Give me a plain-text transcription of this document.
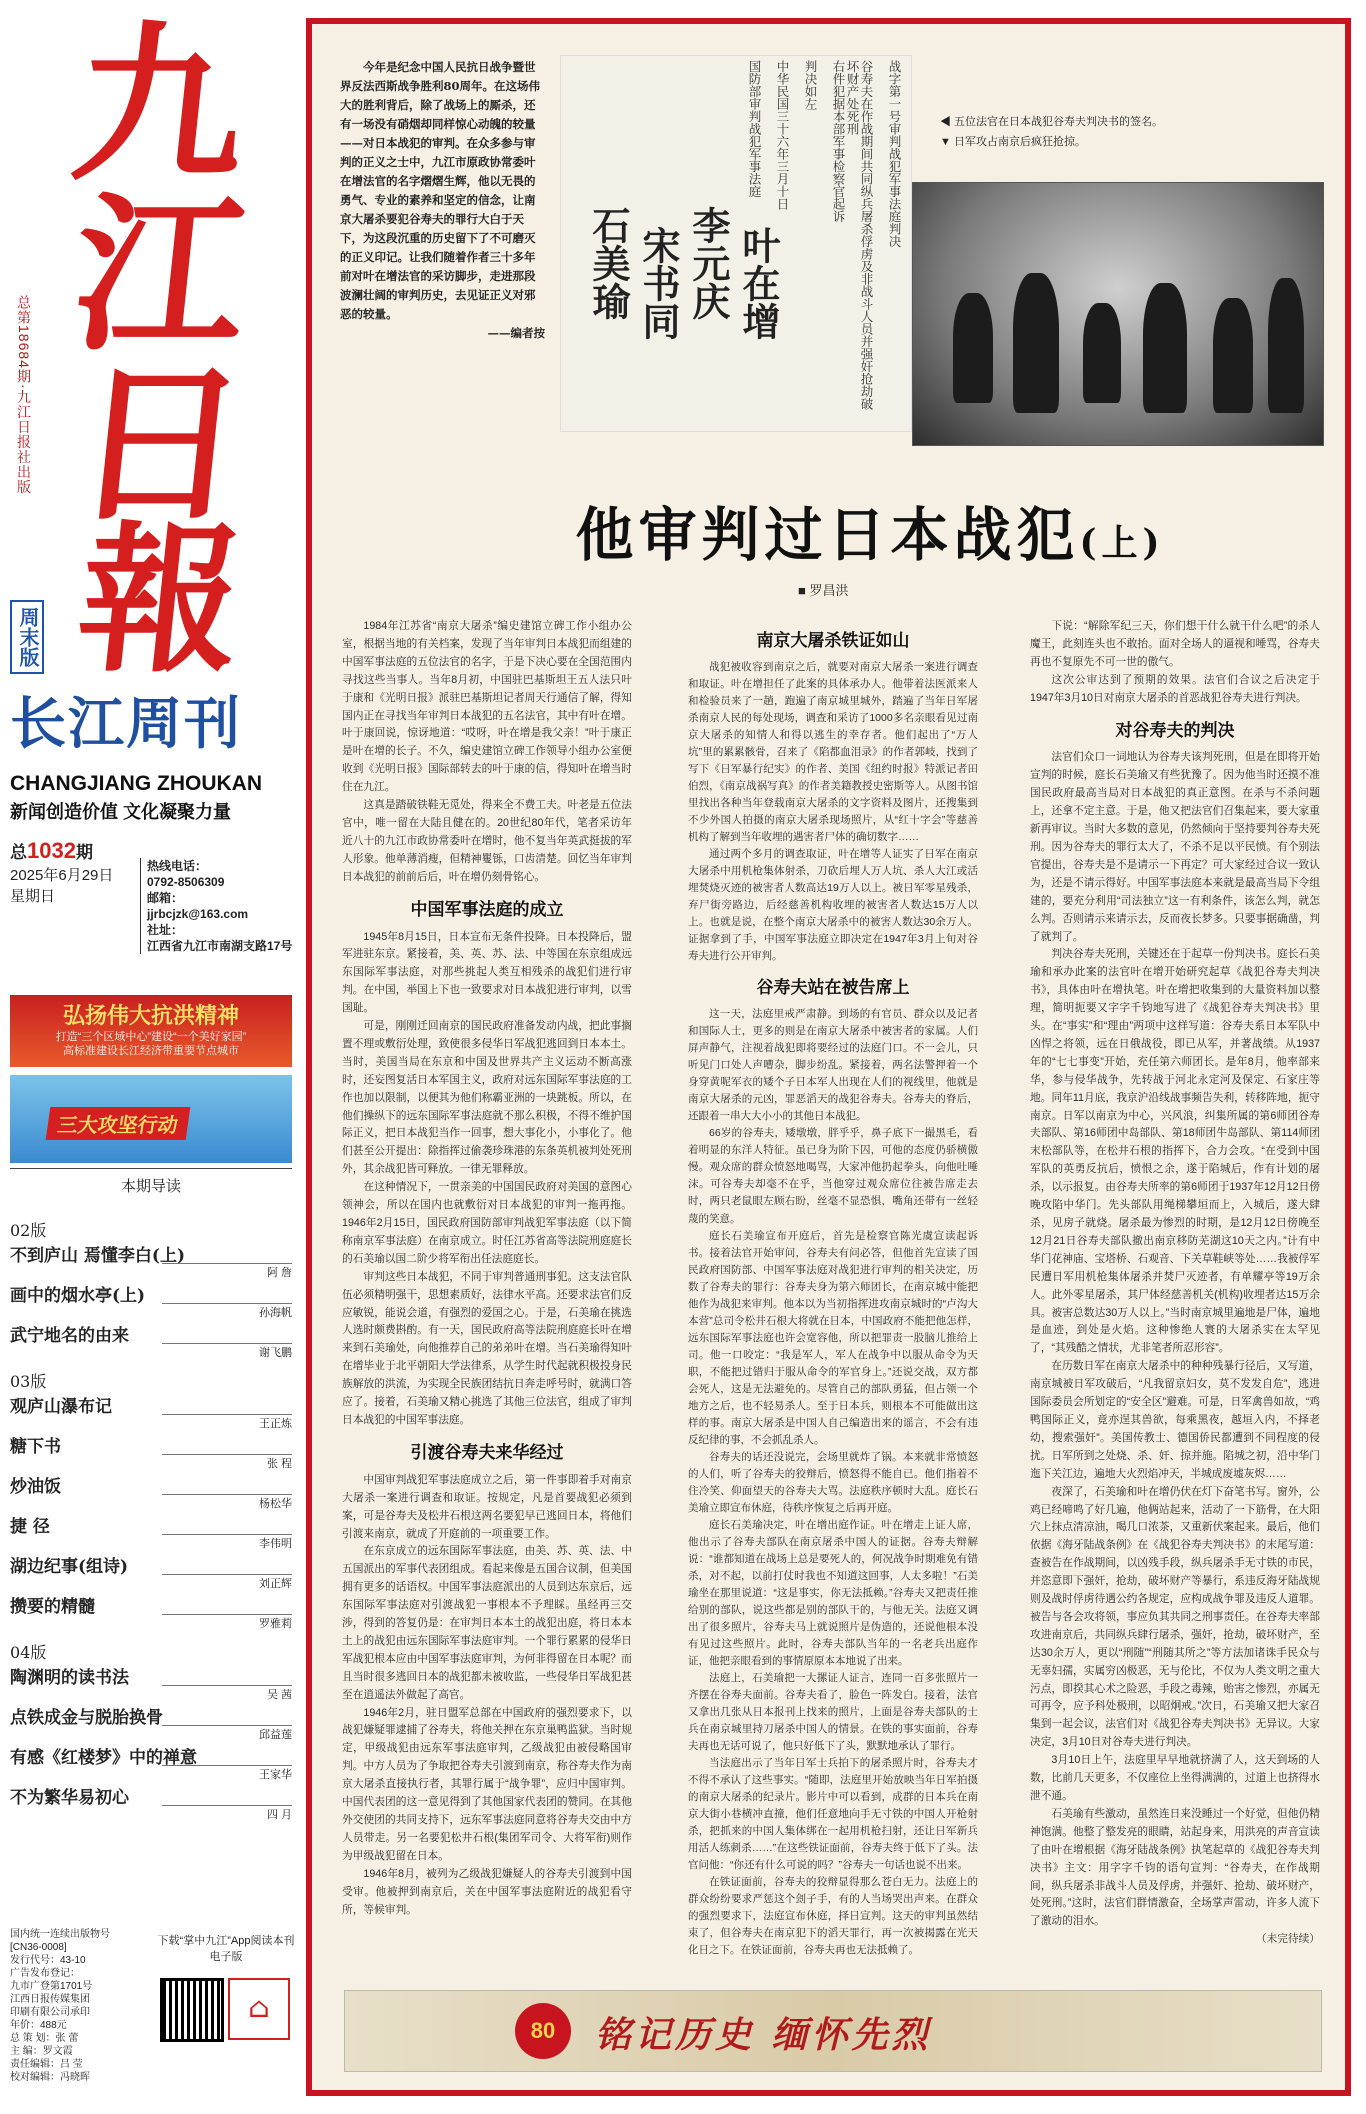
九
江
日
報
总第18684期·九江日报社出版
周末版
长江周刊
CHANGJIANG ZHOUKAN
新闻创造价值 文化凝聚力量
总1032期
2025年6月29日
星期日
热线电话：
0792-8506309
邮箱：
jjrbcjzk@163.com
社址：
江西省九江市南湖支路17号
弘扬伟大抗洪精神
打造“三个区域中心”建设“一个美好家园”
高标准建设长江经济带重要节点城市
三大攻坚行动
本期导读
02版
不到庐山 焉懂李白(上)
阿 詹
画中的烟水亭(上)
孙海帆
武宁地名的由来
谢飞鹏
03版
观庐山瀑布记
王正炼
糖下书
张 程
炒油饭
杨松华
捷 径
李伟明
湖边纪事(组诗)
刘正辉
攒要的精髓
罗雅莉
04版
陶渊明的读书法
吴 茜
点铁成金与脱胎换骨
邱益莲
有感《红楼梦》中的禅意
王家华
不为繁华易初心
四 月
国内统一连续出版物号
[CN36-0008]
发行代号：43-10
广告发布登记：
九市广登第1701号
江西日报传媒集团
印刷有限公司承印
年价：488元
总 策 划：张 蕾
主 编：罗文霞
责任编辑：吕 莹
校对编辑：冯晓晖
下载“掌中九江”App阅读本刊电子版
⌂
今年是纪念中国人民抗日战争暨世界反法西斯战争胜利80周年。在这场伟大的胜利背后，除了战场上的厮杀，还有一场没有硝烟却同样惊心动魄的较量——对日本战犯的审判。在众多参与审判的正义之士中，九江市原政协常委叶在增法官的名字熠熠生辉，他以无畏的勇气、专业的素养和坚定的信念，让南京大屠杀要犯谷寿夫的罪行大白于天下，为这段沉重的历史留下了不可磨灭的正义印记。让我们随着作者三十多年前对叶在增法官的采访脚步，走进那段波澜壮阔的审判历史，去见证正义对邪恶的较量。
——编者按
战字第一号审判战犯军事法庭判决
谷寿夫在作战期间共同纵兵屠杀俘虏及非战斗人员并强奸抢劫破坏财产处死刑
右件犯据本部军事检察官起诉
判决如左
中华民国三十六年三月十日
国防部审判战犯军事法庭
石美瑜 宋书同 李元庆 叶在增
◀ 五位法官在日本战犯谷寿夫判决书的签名。
▼ 日军攻占南京后疯狂抢掠。
他审判过日本战犯(上)
■ 罗昌洪

1984年江苏省“南京大屠杀”编史建馆立碑工作小组办公室，根据当地的有关档案，发现了当年审判日本战犯而组建的中国军事法庭的五位法官的名字，于是下决心要在全国范围内寻找这些当事人。当年8月初，中国驻巴基斯坦王五人法只叶于康和《光明日报》派驻巴基斯坦记者周天行通信了解，得知国内正在寻找当年审判日本战犯的五名法官，其中有叶在增。叶于康回说，惊讶地道：“哎呀，叶在增是我父亲！”叶于康正是叶在增的长子。不久，编史建馆立碑工作领导小组办公室便收到《光明日报》国际部转去的叶于康的信，得知叶在增当时住在九江。

这真是踏破铁鞋无觅处，得来全不费工夫。叶老是五位法官中，唯一留在大陆且健在的。20世纪80年代，笔者采访年近八十的九江市政协常委叶在增时，他不复当年英武挺拔的军人形象。他单薄消瘦，但精神矍铄，口齿清楚。回忆当年审判日本战犯的前前后后，叶在增仍刻骨铭心。

中国军事法庭的成立

1945年8月15日，日本宣布无条件投降。日本投降后，盟军进驻东京。紧接着，美、英、苏、法、中等国在东京组成远东国际军事法庭，对那些挑起人类互相残杀的战犯们进行审判。在中国，举国上下也一致要求对日本战犯进行审判，以雪国耻。

可是，刚刚迁回南京的国民政府准备发动内战，把此事搁置不理或敷衍处理，致使很多侵华日军战犯逃回到日本本土。当时，美国当局在东京和中国及世界共产主义运动不断高涨时，还妄图复活日本军国主义，政府对远东国际军事法庭的工作也加以限制，以便其为他们称霸亚洲的一块跳板。所以，在他们操纵下的远东国际军事法庭就不那么积极，不得不维护国际正义，把日本战犯当作一回事，想大事化小，小事化了。他们甚至公开提出：除指挥过偷袭珍珠港的东条英机被判处死刑外，其余战犯皆可释放。一律无罪释放。

在这种情况下，一贯亲美的中国国民政府对美国的意图心领神会，所以在国内也就敷衍对日本战犯的审判一拖再拖。1946年2月15日，国民政府国防部审判战犯军事法庭（以下简称南京军事法庭）在南京成立。时任江苏省高等法院刑庭庭长的石美瑜以国二阶少将军衔出任法庭庭长。

审判这些日本战犯，不同于审判普通刑事犯。这支法官队伍必须精明强干，思想素质好，法律水平高。还要求法官们反应敏锐，能说会道，有强烈的爱国之心。于是，石美瑜在挑选人选时颇费斟酌。有一天，国民政府高等法院刑庭庭长叶在增来到石美瑜处，向他推荐自己的弟弟叶在增。当石美瑜得知叶在增毕业于北平朝阳大学法律系，从学生时代起就积极投身民族解放的洪流，为实现全民族团结抗日奔走呼号时，就满口答应了。接着，石美瑜又精心挑选了其他三位法官，组成了审判日本战犯的中国军事法庭。

引渡谷寿夫来华经过

中国审判战犯军事法庭成立之后，第一件事即着手对南京大屠杀一案进行调查和取证。按规定，凡是首要战犯必须到案，可是谷寿夫及松井石根这两名要犯早已逃回日本，将他们引渡来南京，就成了开庭前的一项重要工作。

在东京成立的远东国际军事法庭，由美、苏、英、法、中五国派出的军事代表团组成。看起来像是五国合议制，但美国拥有更多的话语权。中国军事法庭派出的人员到达东京后，远东国际军事法庭对引渡战犯一事根本不予理睬。虽经再三交涉，得到的答复仍是：在审判日本本土的战犯出庭，将日本本土上的战犯由远东国际军事法庭审判。一个罪行累累的侵华日军战犯根本应由中国军事法庭审判，为何非得留在日本呢？而且当时很多逃回日本的战犯都未被收监，一些侵华日军战犯甚至在逍遥法外做起了高官。

1946年2月，驻日盟军总部在中国政府的强烈要求下，以战犯嫌疑罪逮捕了谷寿夫，将他关押在东京巢鸭监狱。当时规定，甲级战犯由远东军事法庭审判，乙级战犯由被侵略国审判。中方人员为了争取把谷寿夫引渡到南京，称谷寿夫作为南京大屠杀直接执行者，其罪行属于“战争罪”，应归中国审判。中国代表团的这一意见得到了其他国家代表团的赞同。在其他外交使团的共同支持下，远东军事法庭同意将谷寿夫交由中方人员带走。另一名要犯松井石根(集团军司令、大将军衔)则作为甲级战犯留在日本。

1946年8月，被列为乙级战犯嫌疑人的谷寿夫引渡到中国受审。他被押到南京后，关在中国军事法庭附近的战犯看守所，等候审判。

南京大屠杀铁证如山

战犯被收容到南京之后，就要对南京大屠杀一案进行调查和取证。叶在增担任了此案的具体承办人。他带着法医派来人和检验员来了一趟，跑遍了南京城里城外，踏遍了当年日军屠杀南京人民的每处现场，调查和采访了1000多名亲眼看见过南京大屠杀的知情人和得以逃生的幸存者。他们起出了“万人坑”里的累累骸骨，召来了《陷都血泪录》的作者郭岐，找到了写下《日军暴行纪实》的作者、美国《纽约时报》特派记者田伯烈，《南京战祸写真》的作者美籍教授史密斯等人。从图书馆里找出各种当年登载南京大屠杀的文字资料及图片，还搜集到不少外国人拍摄的南京大屠杀现场照片，从“红十字会”等慈善机构了解到当年收埋的遇害者尸体的确切数字……

通过两个多月的调查取证，叶在增等人证实了日军在南京大屠杀中用机枪集体射杀，刀砍后埋人万人坑、杀人大江或活埋焚烧灭迹的被害者人数高达19万人以上。被日军零星残杀，弃尸街旁路边，后经慈善机构收埋的被害者人数达15万人以上。也就是说，在整个南京大屠杀中的被害人数达30余万人。证据拿到了手，中国军事法庭立即决定在1947年3月上旬对谷寿夫进行公开审判。

谷寿夫站在被告席上

这一天，法庭里戒严肃静。到场的有官员、群众以及记者和国际人士，更多的则是在南京大屠杀中被害者的家属。人们屏声静气，注视着战犯即将要经过的法庭门口。不一会儿，只听见门口处人声嘈杂，脚步纷乱。紧接着，两名法警押着一个身穿黄呢军衣的矮个子日本军人出现在人们的视线里，他就是南京大屠杀的元凶，罪恶滔天的战犯谷寿夫。谷寿夫的脊后，还跟着一串大大小小的其他日本战犯。

66岁的谷寿夫，矮墩墩，胖乎乎，鼻子底下一撮黑毛，看着明显的东洋人特征。虽已身为阶下囚，可他的态度仍骄横傲慢。观众席的群众愤怒地喝骂，大家冲他扔起拳头，向他吐唾沫。可谷寿夫却毫不在乎，当他穿过观众席位往被告席走去时，两只老鼠眼左顾右盼，丝毫不显恐惧，嘴角还带有一丝轻蔑的笑意。

庭长石美瑜宣布开庭后，首先是检察官陈光虞宣读起诉书。接着法官开始审问，谷寿夫有问必答，但他首先宣读了国民政府国防部、中国军事法庭对战犯进行审判的相关决定，历数了谷寿夫的罪行：谷寿夫身为第六师团长，在南京城中能把他作为战犯来审判。他本以为当初指挥进攻南京城时的“卢沟大本营”总司令松井石根大将就在日本，中国政府不能把他怎样，远东国际军事法庭也许会宽容他，所以把罪责一股脑儿推给上司。他一口咬定：“我是军人，军人在战争中以服从命令为天职，不能把过错归于服从命令的军官身上。”还说交战，双方都会死人，这是无法避免的。尽管自己的部队勇猛，但占领一个地方之后，也不轻易杀人。至于日本兵，则根本不可能做出这样的事。南京大屠杀是中国人自己编造出来的谣言，不会有违反纪律的事，不会抓乱杀人。

谷寿夫的话还没说完，会场里就炸了锅。本来就非常愤怒的人们，听了谷寿夫的狡辩后，愤怒得不能自已。他们指着不住冷笑、仰面望天的谷寿夫大骂。法庭秩序顿时大乱。庭长石美瑜立即宣布休庭，待秩序恢复之后再开庭。

庭长石美瑜决定，叶在增出庭作证。叶在增走上证人席，他出示了谷寿夫部队在南京屠杀中国人的证据。谷寿夫辩解说：“谁都知道在战场上总是要死人的，何况战争时期难免有错杀，对不起，以前打仗时我也不知道这回事，人太多啦！”石美瑜坐在那里说道：“这是事实，你无法抵赖。”谷寿夫又把责任推给别的部队，说这些都是别的部队干的，与他无关。法庭又调出了很多照片，谷寿夫马上就说照片是伪造的，还说他根本没有见过这些照片。此时，谷寿夫部队当年的一名老兵出庭作证，他把亲眼看到的事情原原本本地说了出来。

法庭上，石美瑜把一大摞证人证言，连同一百多张照片一齐摆在谷寿夫面前。谷寿夫看了，脸色一阵发白。接着，法官又拿出几张从日本报刊上找来的照片，上面是谷寿夫部队的士兵在南京城里持刀屠杀中国人的情景。在铁的事实面前，谷寿夫再也无话可说了，他只好低下了头，默默地承认了罪行。

当法庭出示了当年日军士兵拍下的屠杀照片时，谷寿夫才不得不承认了这些事实。“随即，法庭里开始放映当年日军拍摄的南京大屠杀的纪录片。影片中可以看到，成群的日本兵在南京大街小巷横冲直撞，他们任意地向手无寸铁的中国人开枪射杀，把抓来的中国人集体绑在一起用机枪扫射，还让日军新兵用活人练刺杀……”在这些铁证面前，谷寿夫终于低下了头。法官问他：“你还有什么可说的吗？”谷寿夫一句话也说不出来。

在铁证面前，谷寿夫的狡辩显得那么苍白无力。法庭上的群众纷纷要求严惩这个刽子手，有的人当场哭出声来。在群众的强烈要求下，法庭宣布休庭，择日宣判。这天的审判虽然结束了，但谷寿夫在南京犯下的滔天罪行，再一次被揭露在光天化日之下。在铁证面前，谷寿夫再也无法抵赖了。

下说：“解除军纪三天，你们想干什么就干什么吧”的杀人魔王，此刻连头也不敢抬。面对全场人的逼视和唾骂，谷寿夫再也不复原先不可一世的傲气。

这次公审达到了预期的效果。法官们合议之后决定于1947年3月10日对南京大屠杀的首恶战犯谷寿夫进行判决。

对谷寿夫的判决

法官们众口一词地认为谷寿夫该判死刑，但是在即将开始宣判的时候，庭长石美瑜又有些犹豫了。因为他当时还摸不准国民政府最高当局对日本战犯的真正意图。在杀与不杀问题上，还拿不定主意。于是，他又把法官们召集起来，要大家重新再审议。当时大多数的意见，仍然倾向于坚持要判谷寿夫死刑。因为谷寿夫的罪行太大了，不杀不足以平民愤。有个别法官提出，谷寿夫是不是请示一下再定？可大家经过合议一致认为，还是不请示得好。中国军事法庭本来就是最高当局下令组建的，要充分利用“司法独立”这一有利条件，该怎么判，就怎么判。否则请示来请示去，反而夜长梦多。只要事据确凿，判了就判了。

判决谷寿夫死刑，关键还在于起草一份判决书。庭长石美瑜和承办此案的法官叶在增开始研究起草《战犯谷寿夫判决书》，具体由叶在增执笔。叶在增把收集到的大量资料加以整理，简明扼要又字字千钧地写进了《战犯谷寿夫判决书》里头。在“事实”和“理由”两项中这样写道：谷寿夫系日本军队中凶悍之将领，远在日俄战役，即已从军，并著战绩。从1937年的“七七事变”开始，充任第六师团长。是年8月，他率部来华，参与侵华战争，先转战于河北永定河及保定、石家庄等地。同年11月底，我京沪沿线战事频告失利，转移阵地，扼守南京。日军以南京为中心，兴风浪，纠集所属的第6师团谷寿夫部队、第16师团中岛部队、第18师团牛岛部队、第114师团末松部队等，在松井石根的指挥下，合力会攻。“在受到中国军队的英勇反抗后，愤恨之余，遂于陷城后，作有计划的屠杀，以示报复。由谷寿夫所率的第6师团于1937年12月12日傍晚攻陷中华门。先头部队用绳梯攀垣而上，入城后，遂大肆杀，见房子就烧。屠杀最为惨烈的时期，是12月12日傍晚至12月21日谷寿夫部队撤出南京移防芜湖这10天之内。”计有中华门花神庙、宝塔桥、石观音、下关草鞋峡等处……我被俘军民遭日军用机枪集体屠杀并焚尸灭迹者，有单耀亭等19万余人。此外零星屠杀，其尸体经慈善机关(机构)收埋者达15万余具。被害总数达30万人以上。”当时南京城里遍地是尸体，遍地是血迹，到处是火焰。这种惨绝人寰的大屠杀实在太罕见了，“其残酷之情状，尤非笔者所忍形容”。

在历数日军在南京大屠杀中的种种残暴行径后，又写道，南京城被日军攻破后，“凡我留京妇女，莫不发发自危”，逃进国际委员会所划定的“安全区”避难。可是，日军禽兽如故，“鸡鸭国际正义，竟亦逞其兽欲，每乘黑夜，越垣入内，不择老幼，搜索强奸”。美国传教士、德国侨民都遭到不同程度的侵扰。日军所到之处烧、杀、奸、掠并施。陷城之初，沿中华门迤下关江边，遍地大火烈焰冲天，半城成废墟灰烬……

夜深了，石美瑜和叶在增仍伏在灯下奋笔书写。窗外，公鸡已经啼鸣了好几遍，他俩站起来，活动了一下筋骨，在大阳穴上抹点清凉油，喝几口浓茶，又重新伏案起来。最后，他们依据《海牙陆战条例》在《战犯谷寿夫判决书》的末尾写道：查被告在作战期间，以凶残手段，纵兵屠杀手无寸铁的市民，并恣意即下强奸，抢劫，破坏财产等暴行，系违反海牙陆战规则及战时俘虏待遇公约各规定，应构成战争罪及违反人道罪。被告与各会攻将领，事应负其共同之刑事责任。在谷寿夫率部攻进南京后，共同纵兵肆行屠杀，强奸，抢劫，破坏财产，至达30余万人，更以“刑随”“刑随其所之”等方法加诸诛手民众与无辜妇孺，实属穷凶极恶，无与伦比，不仅为人类文明之重大污点，即揆其心术之险恶，手段之毒辣，贻害之惨烈，亦属无可再令，应予科处极刑，以昭炯戒。”次日，石美瑜又把大家召集到一起会议，法官们对《战犯谷寿夫判决书》无异议。大家决定，3月10日对谷寿夫进行判决。

3月10日上午，法庭里早早地就挤满了人，这天到场的人数，比前几天更多，不仅座位上坐得满满的，过道上也挤得水泄不通。

石美瑜有些激动，虽然连日来没睡过一个好觉，但他仍精神饱满。他整了整发亮的眼睛，站起身来，用洪亮的声音宣读了由叶在增根据《海牙陆战条例》执笔起草的《战犯谷寿夫判决书》主文：用字字千钧的语句宣判：“谷寿夫，在作战期间，纵兵屠杀非战斗人员及俘虏，并强奸、抢劫、破坏财产，处死刑。”这时，法官们群情激奋，全场掌声雷动，许多人流下了激动的泪水。

（未完待续）

80	铭记历史 缅怀先烈
